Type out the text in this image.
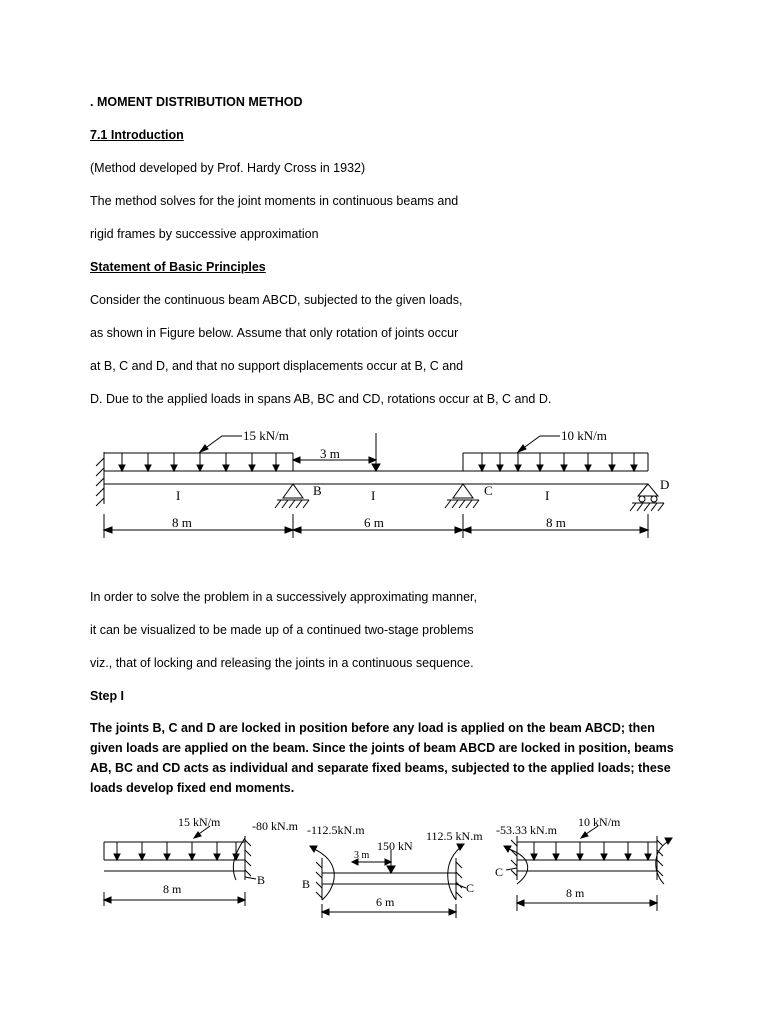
. MOMENT DISTRIBUTION METHOD
7.1 Introduction
(Method developed by Prof. Hardy Cross in 1932)
The method solves for the joint moments in continuous beams and
rigid frames by successive approximation
Statement of Basic Principles
Consider the continuous beam ABCD, subjected to the given loads,
as shown in Figure below. Assume that only rotation of joints occur
at B, C and D, and that no support displacements occur at B, C and
D. Due to the applied loads in spans AB, BC and CD, rotations occur at B, C and D.
15 kN/m	10 kN/m
3 m
I	I	I
B	C	D
8 m	6 m	8 m
In order to solve the problem in a successively approximating manner,
it can be visualized to be made up of a continued two-stage problems
viz., that of locking and releasing the joints in a continuous sequence.
Step I
The joints B, C and D are locked in position before any load is applied on the beam ABCD; then given loads are applied on the beam. Since the joints of beam ABCD are locked in position, beams AB, BC and CD acts as individual and separate fixed beams, subjected to the applied loads; these loads develop fixed end moments.
15 kN/m	-80 kN.m
B
8 m
-112.5kN.m
150 kN
3 m
112.5 kN.m
B	C
6 m
-53.33 kN.m
10 kN/m
C
8 m
